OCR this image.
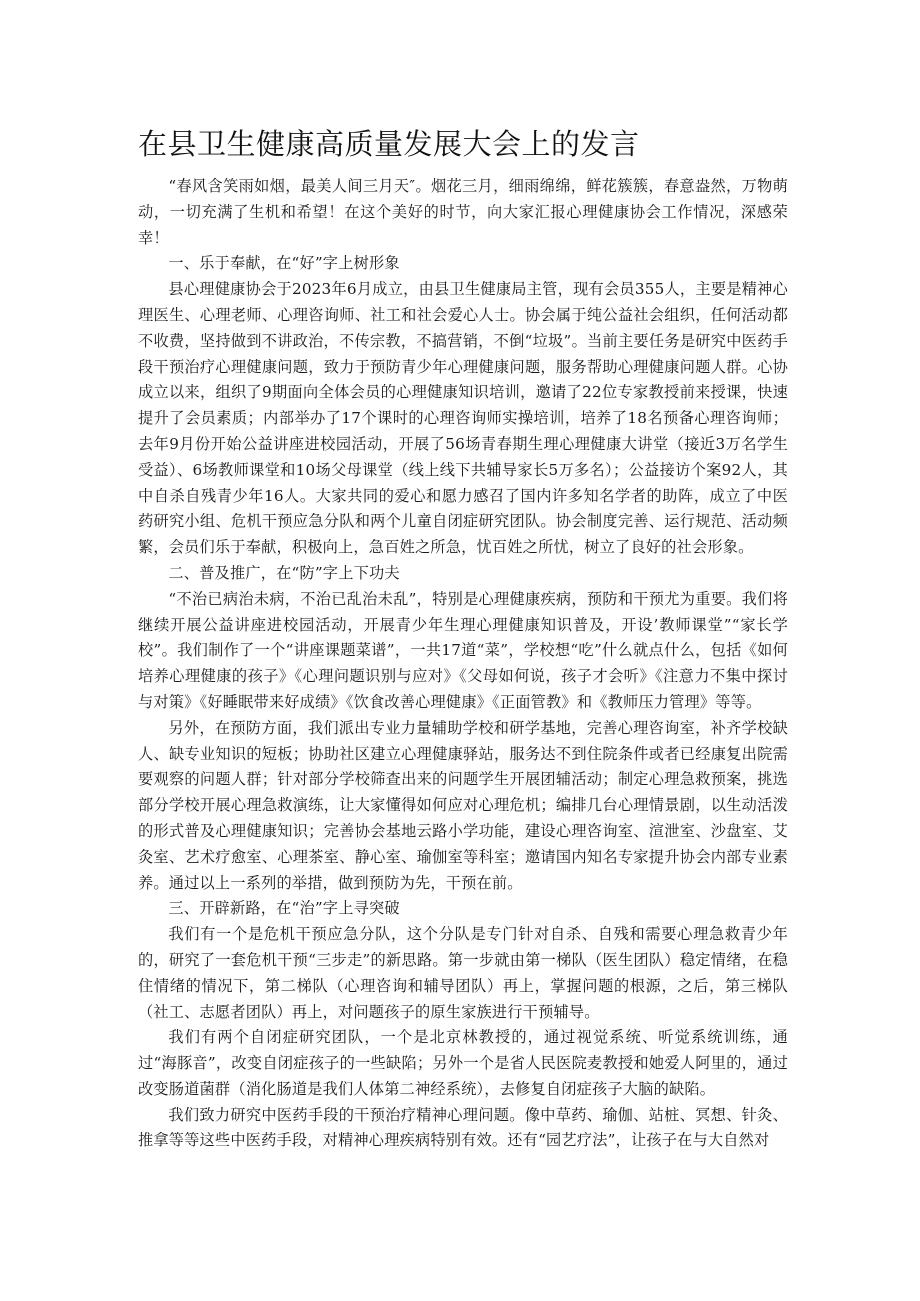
在县卫生健康高质量发展大会上的发言

“春风含笑雨如烟，最美人间三月天″。烟花三月，细雨绵绵，鲜花簇簇，春意盎然，万物萌动，一切充满了生机和希望！在这个美好的时节，向大家汇报心理健康协会工作情况，深感荣幸！

一、乐于奉献，在“好”字上树形象

县心理健康协会于2023年6月成立，由县卫生健康局主管，现有会员355人，主要是精神心理医生、心理老师、心理咨询师、社工和社会爱心人士。协会属于纯公益社会组织，任何活动都不收费，坚持做到不讲政治，不传宗教，不搞营销，不倒“垃圾”。当前主要任务是研究中医药手段干预治疗心理健康问题，致力于预防青少年心理健康问题，服务帮助心理健康问题人群。心协成立以来，组织了9期面向全体会员的心理健康知识培训，邀请了22位专家教授前来授课，快速提升了会员素质；内部举办了17个课时的心理咨询师实操培训，培养了18名预备心理咨询师；去年9月份开始公益讲座进校园活动，开展了56场青春期生理心理健康大讲堂（接近3万名学生受益）、6场教师课堂和10场父母课堂（线上线下共辅导家长5万多名）；公益接访个案92人，其中自杀自残青少年16人。大家共同的爱心和愿力感召了国内许多知名学者的助阵，成立了中医药研究小组、危机干预应急分队和两个儿童自闭症研究团队。协会制度完善、运行规范、活动频繁，会员们乐于奉献，积极向上，急百姓之所急，忧百姓之所忧，树立了良好的社会形象。

二、普及推广，在“防”字上下功夫

“不治已病治未病，不治已乱治未乱”，特别是心理健康疾病，预防和干预尤为重要。我们将继续开展公益讲座进校园活动，开展青少年生理心理健康知识普及，开设’教师课堂”“家长学校”。我们制作了一个“讲座课题菜谱”，一共17道“菜”，学校想“吃”什么就点什么，包括《如何培养心理健康的孩子》《心理问题识别与应对》《父母如何说，孩子才会听》《注意力不集中探讨与对策》《好睡眠带来好成绩》《饮食改善心理健康》《正面管教》和《教师压力管理》等等。

另外，在预防方面，我们派出专业力量辅助学校和研学基地，完善心理咨询室，补齐学校缺人、缺专业知识的短板；协助社区建立心理健康驿站，服务达不到住院条件或者已经康复出院需要观察的问题人群；针对部分学校筛查出来的问题学生开展团辅活动；制定心理急救预案，挑选部分学校开展心理急救演练，让大家懂得如何应对心理危机；编排几台心理情景剧，以生动活泼的形式普及心理健康知识；完善协会基地云路小学功能，建设心理咨询室、渲泄室、沙盘室、艾灸室、艺术疗愈室、心理茶室、静心室、瑜伽室等科室；邀请国内知名专家提升协会内部专业素养。通过以上一系列的举措，做到预防为先，干预在前。

三、开辟新路，在“治”字上寻突破

我们有一个是危机干预应急分队，这个分队是专门针对自杀、自残和需要心理急救青少年的，研究了一套危机干预“三步走”的新思路。第一步就由第一梯队（医生团队）稳定情绪，在稳住情绪的情况下，第二梯队（心理咨询和辅导团队）再上，掌握问题的根源，之后，第三梯队（社工、志愿者团队）再上，对问题孩子的原生家族进行干预辅导。

我们有两个自闭症研究团队，一个是北京林教授的，通过视觉系统、听觉系统训练，通过“海豚音”，改变自闭症孩子的一些缺陷；另外一个是省人民医院麦教授和她爱人阿里的，通过改变肠道菌群（消化肠道是我们人体第二神经系统），去修复自闭症孩子大脑的缺陷。

我们致力研究中医药手段的干预治疗精神心理问题。像中草药、瑜伽、站桩、冥想、针灸、推拿等等这些中医药手段，对精神心理疾病特别有效。还有“园艺疗法”，让孩子在与大自然对
